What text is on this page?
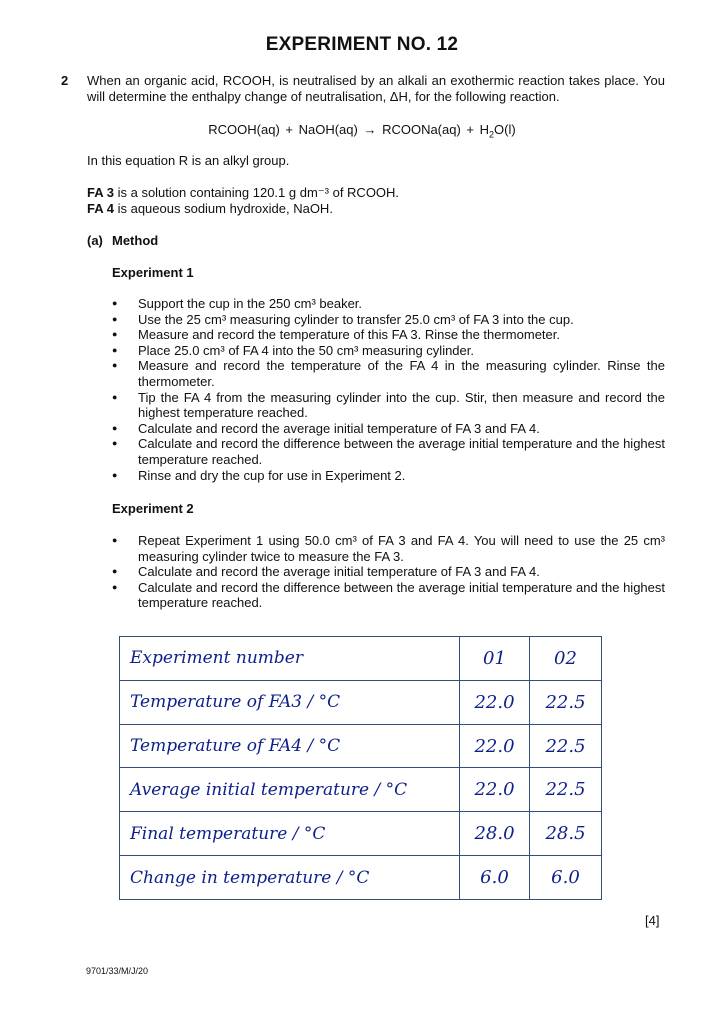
EXPERIMENT NO. 12
2 When an organic acid, RCOOH, is neutralised by an alkali an exothermic reaction takes place. You will determine the enthalpy change of neutralisation, ΔH, for the following reaction.
RCOOH(aq) + NaOH(aq) → RCOONa(aq) + $H_2O(l)$
In this equation R is an alkyl group.
FA 3 is a solution containing 120.1 g dm⁻³ of RCOOH.
FA 4 is aqueous sodium hydroxide, NaOH.
(a) Method
Experiment 1
● Support the cup in the 250 cm³ beaker.
● Use the 25 cm³ measuring cylinder to transfer 25.0 cm³ of FA 3 into the cup.
● Measure and record the temperature of this FA 3. Rinse the thermometer.
● Place 25.0 cm³ of FA 4 into the 50 cm³ measuring cylinder.
● Measure and record the temperature of the FA 4 in the measuring cylinder. Rinse the thermometer.
● Tip the FA 4 from the measuring cylinder into the cup. Stir, then measure and record the highest temperature reached.
● Calculate and record the average initial temperature of FA 3 and FA 4.
● Calculate and record the difference between the average initial temperature and the highest temperature reached.
● Rinse and dry the cup for use in Experiment 2.
Experiment 2
● Repeat Experiment 1 using 50.0 cm³ of FA 3 and FA 4. You will need to use the 25 cm³ measuring cylinder twice to measure the FA 3.
● Calculate and record the average initial temperature of FA 3 and FA 4.
● Calculate and record the difference between the average initial temperature and the highest temperature reached.
Experiment number	01	02
Temperature of FA3 / °C	22.0	22.5
Temperature of FA4 / °C	22.0	22.5
Average initial temperature / °C	22.0	22.5
Final temperature / °C	28.0	28.5
Change in temperature / °C	6.0	6.0
[4]
9701/33/M/J/20
